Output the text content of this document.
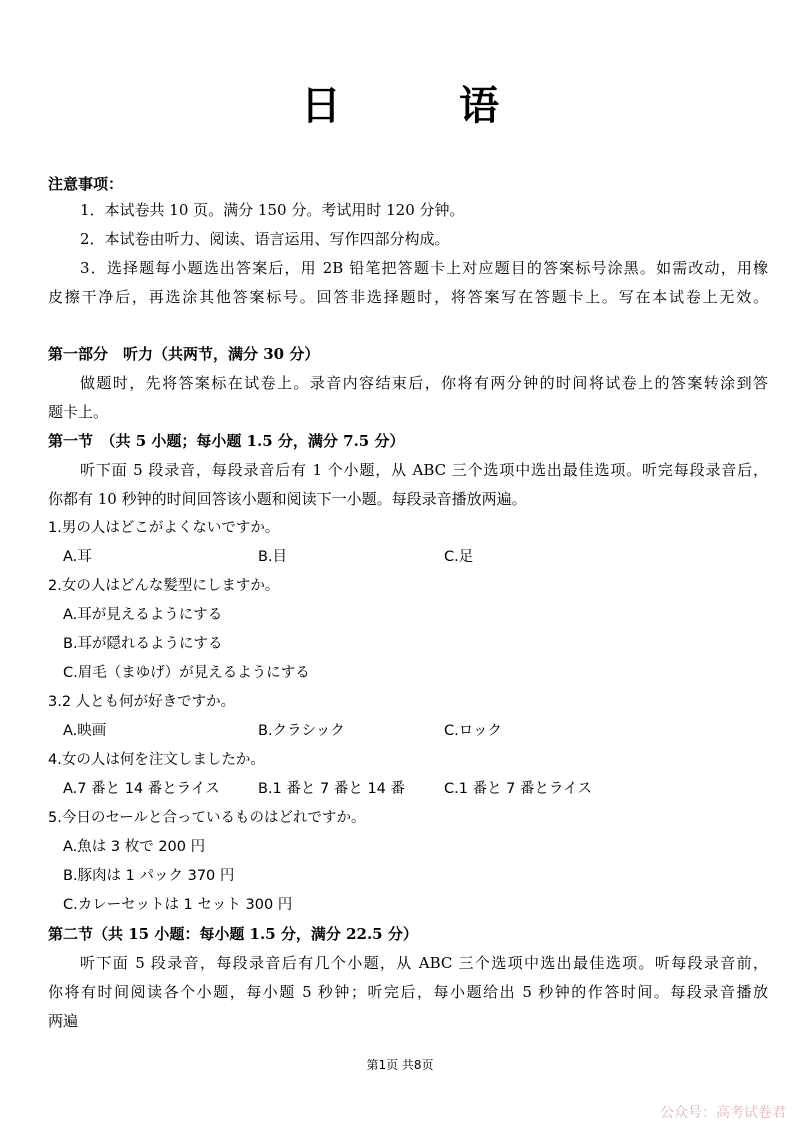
日 语
注意事项：
1．本试卷共 10 页。满分 150 分。考试用时 120 分钟。
2．本试卷由听力、阅读、语言运用、写作四部分构成。
3．选择题每小题选出答案后，用 2B 铅笔把答题卡上对应题目的答案标号涂黑。如需改动，用橡
皮擦干净后，再选涂其他答案标号。回答非选择题时，将答案写在答题卡上。写在本试卷上无效。
第一部分　听力（共两节，满分 30 分）
做题时，先将答案标在试卷上。录音内容结束后，你将有两分钟的时间将试卷上的答案转涂到答
题卡上。
第一节　（共 5 小题；每小题 1.5 分，满分 7.5 分）
听下面 5 段录音，每段录音后有 1 个小题，从 ABC 三个选项中选出最佳选项。听完每段录音后，
你都有 10 秒钟的时间回答该小题和阅读下一小题。每段录音播放两遍。
1.男の人はどこがよくないですか。
A.耳	B.目	C.足
2.女の人はどんな髪型にしますか。
A.耳が見えるようにする
B.耳が隠れるようにする
C.眉毛（まゆげ）が見えるようにする
3.2 人とも何が好きですか。
A.映画	B.クラシック	C.ロック
4.女の人は何を注文しましたか。
A.7 番と 14 番とライス	B.1 番と 7 番と 14 番	C.1 番と 7 番とライス
5.今日のセールと合っているものはどれですか。
A.魚は 3 枚で 200 円
B.豚肉は 1 パック 370 円
C.カレーセットは 1 セット 300 円
第二节（共 15 小题：每小题 1.5 分，满分 22.5 分）
听下面 5 段录音，每段录音后有几个小题，从 ABC 三个选项中选出最佳选项。听每段录音前，
你将有时间阅读各个小题，每小题 5 秒钟；听完后，每小题给出 5 秒钟的作答时间。每段录音播放
两遍
第1页 共8页
公众号：高考试卷君
